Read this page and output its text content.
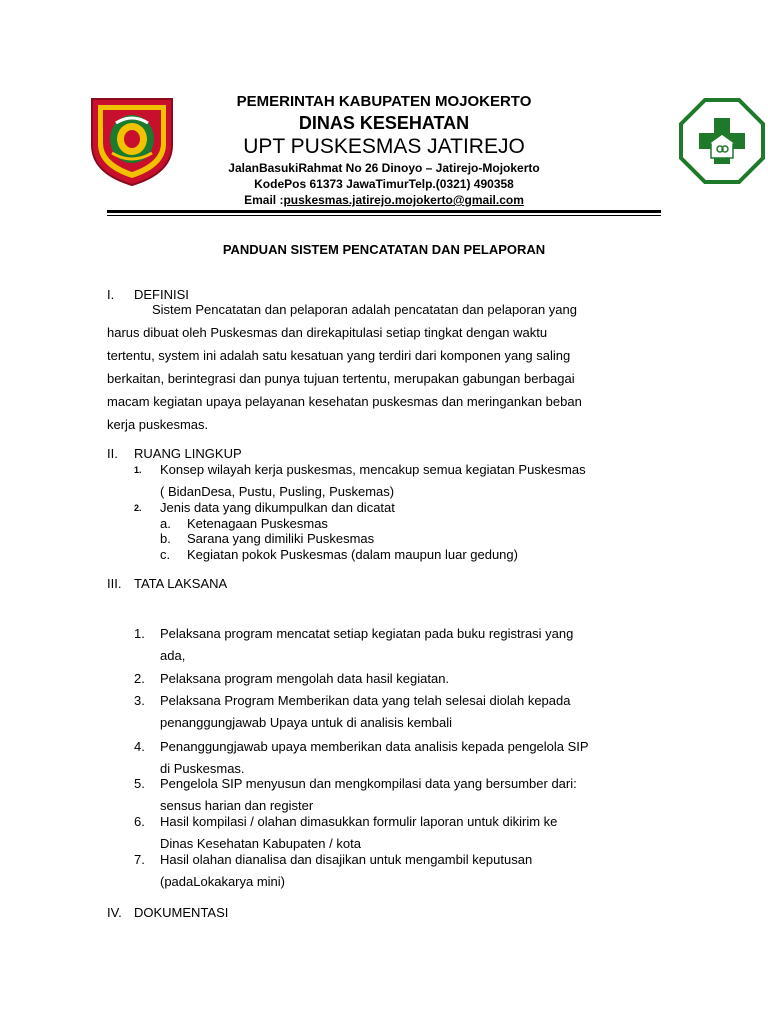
PEMERINTAH KABUPATEN MOJOKERTO
DINAS KESEHATAN
UPT PUSKESMAS JATIREJO
JalanBasukiRahmat No 26 Dinoyo – Jatirejo-Mojokerto
KodePos 61373 JawaTimurTelp.(0321) 490358
Email :puskesmas.jatirejo.mojokerto@gmail.com
PANDUAN SISTEM PENCATATAN DAN PELAPORAN
I. DEFINISI
Sistem Pencatatan dan pelaporan adalah pencatatan dan pelaporan yang
harus dibuat oleh Puskesmas dan direkapitulasi setiap tingkat dengan waktu
tertentu, system ini adalah satu kesatuan yang terdiri dari komponen yang saling
berkaitan, berintegrasi dan punya tujuan tertentu, merupakan gabungan berbagai
macam kegiatan upaya pelayanan kesehatan puskesmas dan meringankan beban
kerja puskesmas.
II. RUANG LINGKUP
1. Konsep wilayah kerja puskesmas, mencakup semua kegiatan Puskesmas
( BidanDesa, Pustu, Pusling, Puskemas)
2. Jenis data yang dikumpulkan dan dicatat
a. Ketenagaan Puskesmas
b. Sarana yang dimiliki Puskesmas
c. Kegiatan pokok Puskesmas (dalam maupun luar gedung)
III. TATA LAKSANA
1. Pelaksana program mencatat setiap kegiatan pada buku registrasi yang
ada,
2. Pelaksana program mengolah data hasil kegiatan.
3. Pelaksana Program Memberikan data yang telah selesai diolah kepada
penanggungjawab Upaya untuk di analisis kembali
4. Penanggungjawab upaya memberikan data analisis kepada pengelola SIP
di Puskesmas.
5. Pengelola SIP menyusun dan mengkompilasi data yang bersumber dari:
sensus harian dan register
6. Hasil kompilasi / olahan dimasukkan formulir laporan untuk dikirim ke
Dinas Kesehatan Kabupaten / kota
7. Hasil olahan dianalisa dan disajikan untuk mengambil keputusan
(padaLokakarya mini)
IV. DOKUMENTASI
